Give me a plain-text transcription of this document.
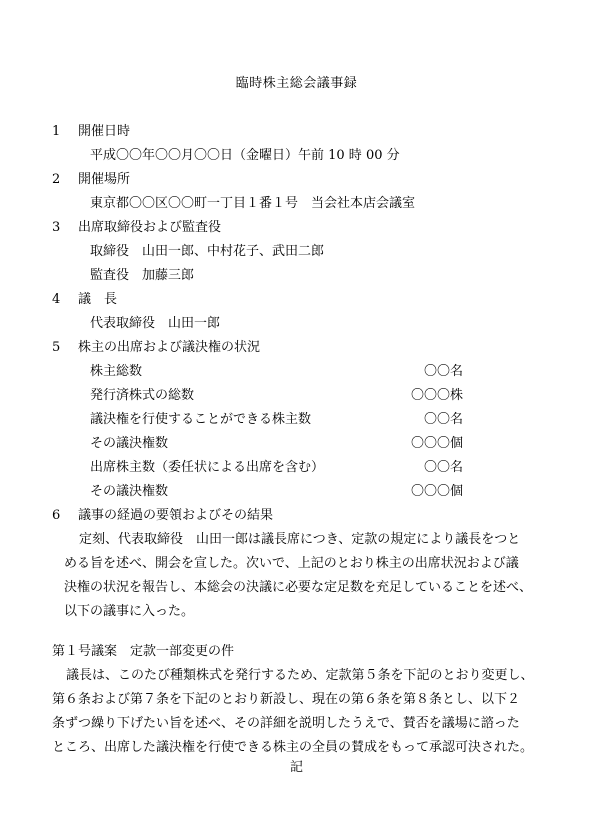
臨時株主総会議事録
1 開催日時
平成〇〇年〇〇月〇〇日（金曜日）午前 10 時 00 分
2 開催場所
東京都〇〇区〇〇町一丁目１番１号　当会社本店会議室
3 出席取締役および監査役
取締役　山田一郎、中村花子、武田二郎
監査役　加藤三郎
4 議　長
代表取締役　山田一郎
5 株主の出席および議決権の状況
株主総数	〇〇名
発行済株式の総数	〇〇〇株
議決権を行使することができる株主数	〇〇名
その議決権数	〇〇〇個
出席株主数（委任状による出席を含む）	〇〇名
その議決権数	〇〇〇個
6 議事の経過の要領およびその結果
定刻、代表取締役　山田一郎は議長席につき、定款の規定により議長をつと
める旨を述べ、開会を宣した。次いで、上記のとおり株主の出席状況および議
決権の状況を報告し、本総会の決議に必要な定足数を充足していることを述べ、
以下の議事に入った。
第１号議案　定款一部変更の件
議長は、このたび種類株式を発行するため、定款第５条を下記のとおり変更し、
第６条および第７条を下記のとおり新設し、現在の第６条を第８条とし、以下２
条ずつ繰り下げたい旨を述べ、その詳細を説明したうえで、賛否を議場に諮った
ところ、出席した議決権を行使できる株主の全員の賛成をもって承認可決された。
記
